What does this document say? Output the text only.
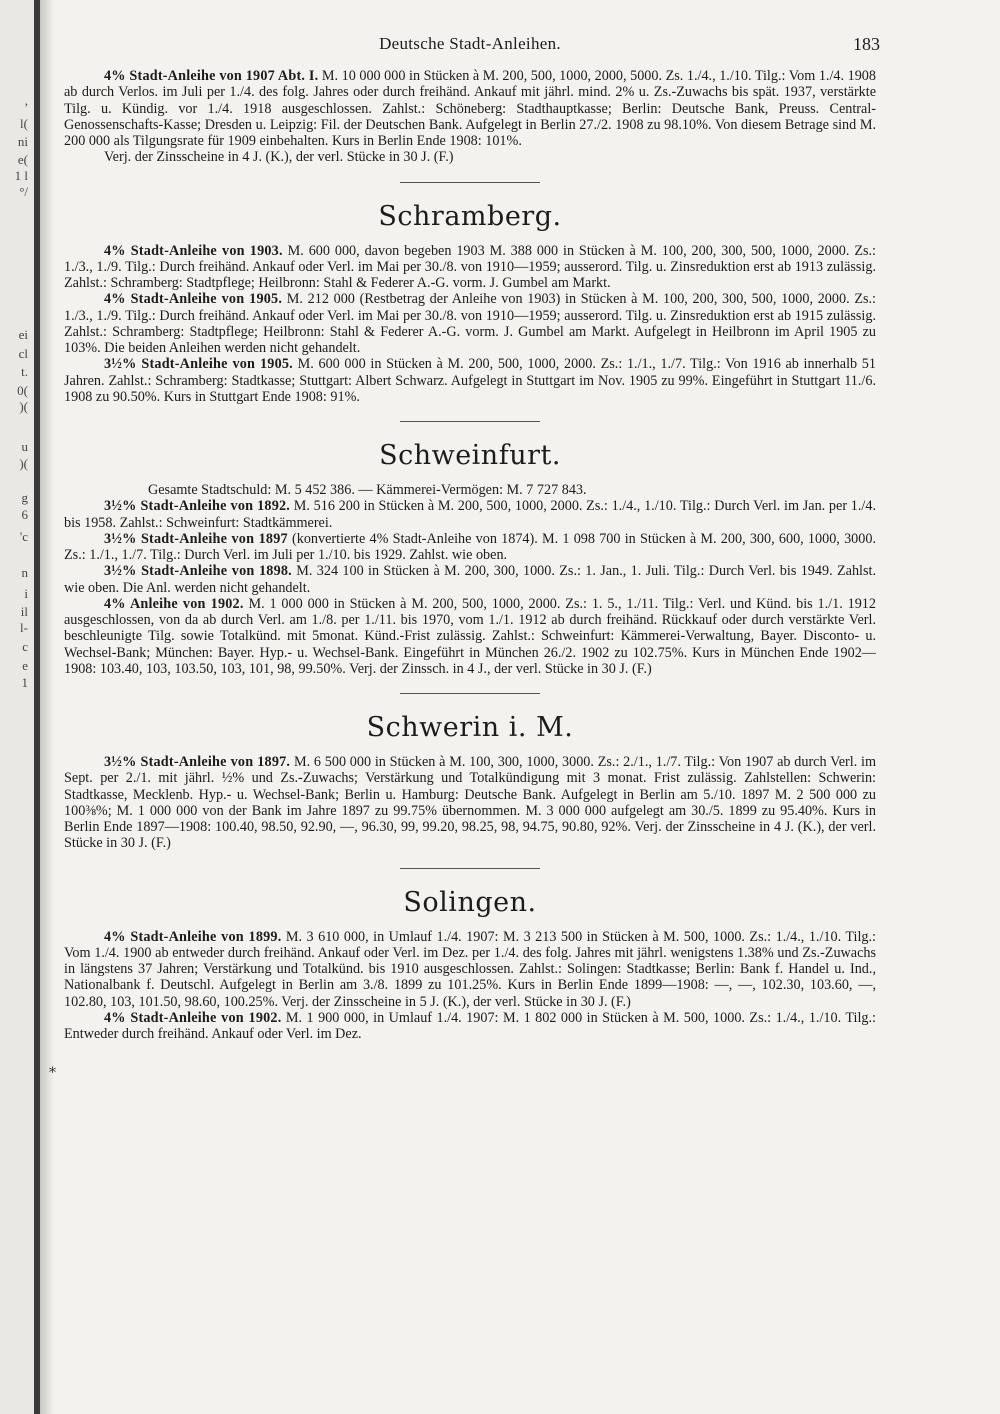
,
l(
ni
e(
1 l
°/
ei
cl
t.
0(
)(
u
)(
g
6
'c
n
i
il
l-
c
e
1
Deutsche Stadt-Anleihen.	183
*

4% Stadt-Anleihe von 1907 Abt. I. M. 10 000 000 in Stücken à M. 200, 500, 1000, 2000, 5000. Zs. 1./4., 1./10. Tilg.: Vom 1./4. 1908 ab durch Verlos. im Juli per 1./4. des folg. Jahres oder durch freihänd. Ankauf mit jährl. mind. 2% u. Zs.-Zuwachs bis spät. 1937, verstärkte Tilg. u. Kündig. vor 1./4. 1918 ausgeschlossen. Zahlst.: Schöneberg: Stadthauptkasse; Berlin: Deutsche Bank, Preuss. Central-Genossenschafts-Kasse; Dresden u. Leipzig: Fil. der Deutschen Bank. Aufgelegt in Berlin 27./2. 1908 zu 98.10%. Von diesem Betrage sind M. 200 000 als Tilgungsrate für 1909 einbehalten. Kurs in Berlin Ende 1908: 101%.

Verj. der Zinsscheine in 4 J. (K.), der verl. Stücke in 30 J. (F.)

Schramberg.

4% Stadt-Anleihe von 1903. M. 600 000, davon begeben 1903 M. 388 000 in Stücken à M. 100, 200, 300, 500, 1000, 2000. Zs.: 1./3., 1./9. Tilg.: Durch freihänd. Ankauf oder Verl. im Mai per 30./8. von 1910—1959; ausserord. Tilg. u. Zinsreduktion erst ab 1913 zulässig. Zahlst.: Schramberg: Stadtpflege; Heilbronn: Stahl & Federer A.-G. vorm. J. Gumbel am Markt.

4% Stadt-Anleihe von 1905. M. 212 000 (Restbetrag der Anleihe von 1903) in Stücken à M. 100, 200, 300, 500, 1000, 2000. Zs.: 1./3., 1./9. Tilg.: Durch freihänd. Ankauf oder Verl. im Mai per 30./8. von 1910—1959; ausserord. Tilg. u. Zinsreduktion erst ab 1915 zulässig. Zahlst.: Schramberg: Stadtpflege; Heilbronn: Stahl & Federer A.-G. vorm. J. Gumbel am Markt. Aufgelegt in Heilbronn im April 1905 zu 103%. Die beiden Anleihen werden nicht gehandelt.

3½% Stadt-Anleihe von 1905. M. 600 000 in Stücken à M. 200, 500, 1000, 2000. Zs.: 1./1., 1./7. Tilg.: Von 1916 ab innerhalb 51 Jahren. Zahlst.: Schramberg: Stadtkasse; Stuttgart: Albert Schwarz. Aufgelegt in Stuttgart im Nov. 1905 zu 99%. Eingeführt in Stuttgart 11./6. 1908 zu 90.50%. Kurs in Stuttgart Ende 1908: 91%.

Schweinfurt.

Gesamte Stadtschuld: M. 5 452 386. — Kämmerei-Vermögen: M. 7 727 843.

3½% Stadt-Anleihe von 1892. M. 516 200 in Stücken à M. 200, 500, 1000, 2000. Zs.: 1./4., 1./10. Tilg.: Durch Verl. im Jan. per 1./4. bis 1958. Zahlst.: Schweinfurt: Stadtkämmerei.

3½% Stadt-Anleihe von 1897 (konvertierte 4% Stadt-Anleihe von 1874). M. 1 098 700 in Stücken à M. 200, 300, 600, 1000, 3000. Zs.: 1./1., 1./7. Tilg.: Durch Verl. im Juli per 1./10. bis 1929. Zahlst. wie oben.

3½% Stadt-Anleihe von 1898. M. 324 100 in Stücken à M. 200, 300, 1000. Zs.: 1. Jan., 1. Juli. Tilg.: Durch Verl. bis 1949. Zahlst. wie oben. Die Anl. werden nicht gehandelt.

4% Anleihe von 1902. M. 1 000 000 in Stücken à M. 200, 500, 1000, 2000. Zs.: 1. 5., 1./11. Tilg.: Verl. und Künd. bis 1./1. 1912 ausgeschlossen, von da ab durch Verl. am 1./8. per 1./11. bis 1970, vom 1./1. 1912 ab durch freihänd. Rückkauf oder durch verstärkte Verl. beschleunigte Tilg. sowie Totalkünd. mit 5monat. Künd.-Frist zulässig. Zahlst.: Schweinfurt: Kämmerei-Verwaltung, Bayer. Disconto- u. Wechsel-Bank; München: Bayer. Hyp.- u. Wechsel-Bank. Eingeführt in München 26./2. 1902 zu 102.75%. Kurs in München Ende 1902—1908: 103.40, 103, 103.50, 103, 101, 98, 99.50%. Verj. der Zinssch. in 4 J., der verl. Stücke in 30 J. (F.)

Schwerin i. M.

3½% Stadt-Anleihe von 1897. M. 6 500 000 in Stücken à M. 100, 300, 1000, 3000. Zs.: 2./1., 1./7. Tilg.: Von 1907 ab durch Verl. im Sept. per 2./1. mit jährl. ½% und Zs.-Zuwachs; Verstärkung und Totalkündigung mit 3 monat. Frist zulässig. Zahlstellen: Schwerin: Stadtkasse, Mecklenb. Hyp.- u. Wechsel-Bank; Berlin u. Hamburg: Deutsche Bank. Aufgelegt in Berlin am 5./10. 1897 M. 2 500 000 zu 100⅜%; M. 1 000 000 von der Bank im Jahre 1897 zu 99.75% übernommen. M. 3 000 000 aufgelegt am 30./5. 1899 zu 95.40%. Kurs in Berlin Ende 1897—1908: 100.40, 98.50, 92.90, —, 96.30, 99, 99.20, 98.25, 98, 94.75, 90.80, 92%. Verj. der Zinsscheine in 4 J. (K.), der verl. Stücke in 30 J. (F.)

Solingen.

4% Stadt-Anleihe von 1899. M. 3 610 000, in Umlauf 1./4. 1907: M. 3 213 500 in Stücken à M. 500, 1000. Zs.: 1./4., 1./10. Tilg.: Vom 1./4. 1900 ab entweder durch freihänd. Ankauf oder Verl. im Dez. per 1./4. des folg. Jahres mit jährl. wenigstens 1.38% und Zs.-Zuwachs in längstens 37 Jahren; Verstärkung und Totalkünd. bis 1910 ausgeschlossen. Zahlst.: Solingen: Stadtkasse; Berlin: Bank f. Handel u. Ind., Nationalbank f. Deutschl. Aufgelegt in Berlin am 3./8. 1899 zu 101.25%. Kurs in Berlin Ende 1899—1908: —, —, 102.30, 103.60, —, 102.80, 103, 101.50, 98.60, 100.25%. Verj. der Zinsscheine in 5 J. (K.), der verl. Stücke in 30 J. (F.)

4% Stadt-Anleihe von 1902. M. 1 900 000, in Umlauf 1./4. 1907: M. 1 802 000 in Stücken à M. 500, 1000. Zs.: 1./4., 1./10. Tilg.: Entweder durch freihänd. Ankauf oder Verl. im Dez.
